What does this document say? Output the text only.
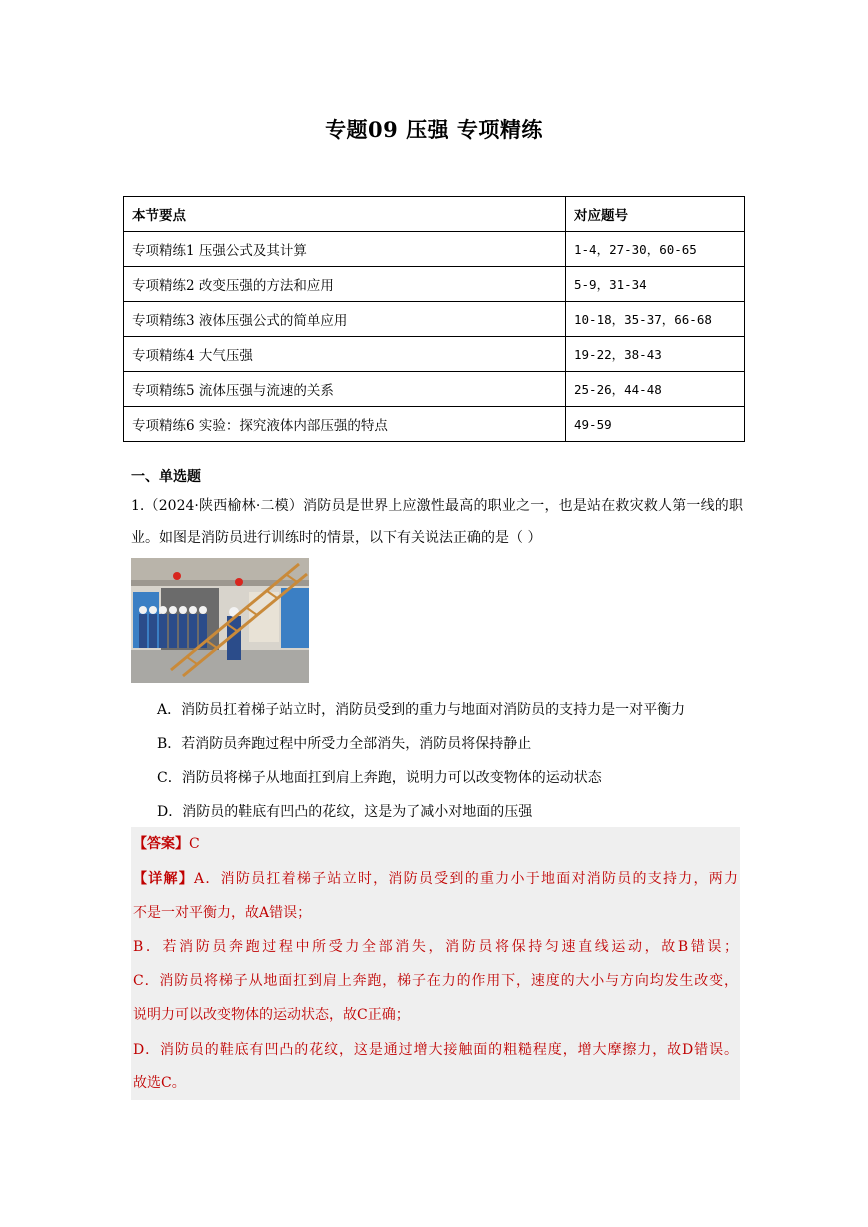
专题09 压强 专项精练
本节要点	对应题号
专项精练1 压强公式及其计算	1-4，27-30，60-65
专项精练2 改变压强的方法和应用	5-9，31-34
专项精练3 液体压强公式的简单应用	10-18，35-37，66-68
专项精练4 大气压强	19-22，38-43
专项精练5 流体压强与流速的关系	25-26，44-48
专项精练6 实验：探究液体内部压强的特点	49-59
一、单选题
1.（2024·陕西榆林·二模）消防员是世界上应激性最高的职业之一，也是站在救灾救人第一线的职业。如图是消防员进行训练时的情景，以下有关说法正确的是（ ）
A．消防员扛着梯子站立时，消防员受到的重力与地面对消防员的支持力是一对平衡力
B．若消防员奔跑过程中所受力全部消失，消防员将保持静止
C．消防员将梯子从地面扛到肩上奔跑，说明力可以改变物体的运动状态
D．消防员的鞋底有凹凸的花纹，这是为了减小对地面的压强
【答案】C
【详解】A．消防员扛着梯子站立时，消防员受到的重力小于地面对消防员的支持力，两力
不是一对平衡力，故A错误；
B．若消防员奔跑过程中所受力全部消失，消防员将保持匀速直线运动，故B错误；
C．消防员将梯子从地面扛到肩上奔跑，梯子在力的作用下，速度的大小与方向均发生改变，
说明力可以改变物体的运动状态，故C正确；
D．消防员的鞋底有凹凸的花纹，这是通过增大接触面的粗糙程度，增大摩擦力，故D错误。
故选C。
